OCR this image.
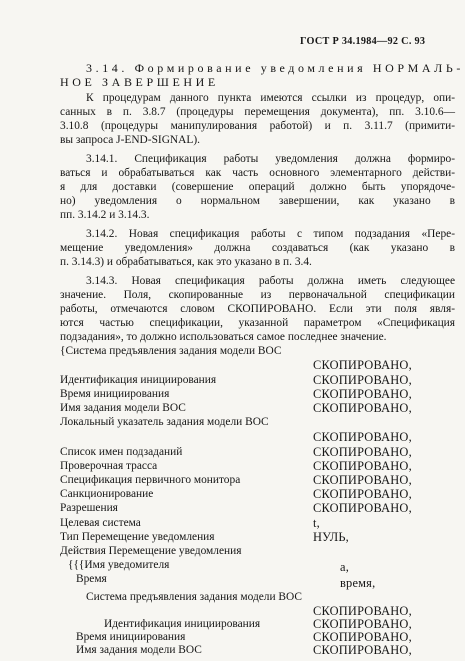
ГОСТ Р 34.1984—92 С. 93
3.14. Формирование уведомления НОРМАЛЬ-
НОЕ ЗАВЕРШЕНИЕ
К процедурам данного пункта имеются ссылки из процедур, опи-
санных в п. 3.8.7 (процедуры перемещения документа), пп. 3.10.6—
3.10.8 (процедуры манипулирования работой) и п. 3.11.7 (примити-
вы запроса J-END-SIGNAL).
3.14.1. Спецификация работы уведомления должна формиро-
ваться и обрабатываться как часть основного элементарного действи-
я для доставки (совершение операций должно быть упорядоче-
но) уведомления о нормальном завершении, как указано в
пп. 3.14.2 и 3.14.3.
3.14.2. Новая спецификация работы с типом подзадания «Пере-
мещение уведомления» должна создаваться (как указано в
п. 3.14.3) и обрабатываться, как это указано в п. 3.4.
3.14.3. Новая спецификация работы должна иметь следующее
значение. Поля, скопированные из первоначальной спецификации
работы, отмечаются словом СКОПИРОВАНО. Если эти поля явля-
ются частью спецификации, указанной параметром «Спецификация
подзадания», то должно использоваться самое последнее значение.
{Система предъявления задания модели ВОС
СКОПИРОВАНО,
Идентификация инициирования	СКОПИРОВАНО,
Время инициирования	СКОПИРОВАНО,
Имя задания модели ВОС	СКОПИРОВАНО,
Локальный указатель задания модели ВОС
СКОПИРОВАНО,
Список имен подзаданий	СКОПИРОВАНО,
Проверочная трасса	СКОПИРОВАНО,
Спецификация первичного монитора	СКОПИРОВАНО,
Санкционирование	СКОПИРОВАНО,
Разрешения	СКОПИРОВАНО,
Целевая система	t,
Тип Перемещение уведомления	НУЛЬ,
Действия Перемещение уведомления
{{{Имя уведомителя	a,
Время	время,
Система предъявления задания модели ВОС
СКОПИРОВАНО,
Идентификация инициирования	СКОПИРОВАНО,
Время инициирования	СКОПИРОВАНО,
Имя задания модели ВОС	СКОПИРОВАНО,
